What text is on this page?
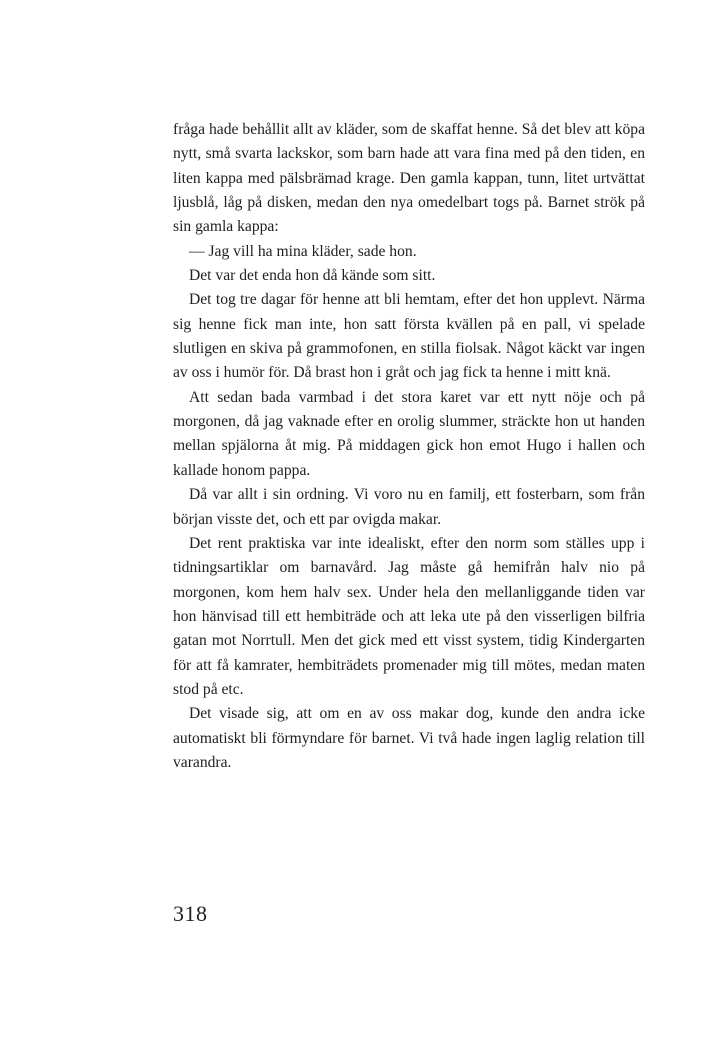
fråga hade behållit allt av kläder, som de skaffat henne. Så det blev att köpa nytt, små svarta lackskor, som barn hade att vara fina med på den tiden, en liten kappa med pälsbrämad krage. Den gamla kappan, tunn, litet urtvättat ljusblå, låg på disken, medan den nya omedelbart togs på. Barnet strök på sin gamla kappa:

— Jag vill ha mina kläder, sade hon.

Det var det enda hon då kände som sitt.

Det tog tre dagar för henne att bli hemtam, efter det hon upplevt. Närma sig henne fick man inte, hon satt första kvällen på en pall, vi spelade slutligen en skiva på grammofonen, en stilla fiolsak. Något käckt var ingen av oss i humör för. Då brast hon i gråt och jag fick ta henne i mitt knä.

Att sedan bada varmbad i det stora karet var ett nytt nöje och på morgonen, då jag vaknade efter en orolig slummer, sträckte hon ut handen mellan spjälorna åt mig. På middagen gick hon emot Hugo i hallen och kallade honom pappa.

Då var allt i sin ordning. Vi voro nu en familj, ett fosterbarn, som från början visste det, och ett par ovigda makar.

Det rent praktiska var inte idealiskt, efter den norm som ställes upp i tidningsartiklar om barnavård. Jag måste gå hemifrån halv nio på morgonen, kom hem halv sex. Under hela den mellanliggande tiden var hon hänvisad till ett hembiträde och att leka ute på den visserligen bilfria gatan mot Norrtull. Men det gick med ett visst system, tidig Kindergarten för att få kamrater, hembiträdets promenader mig till mötes, medan maten stod på etc.

Det visade sig, att om en av oss makar dog, kunde den andra icke automatiskt bli förmyndare för barnet. Vi två hade ingen laglig relation till varandra.

318
